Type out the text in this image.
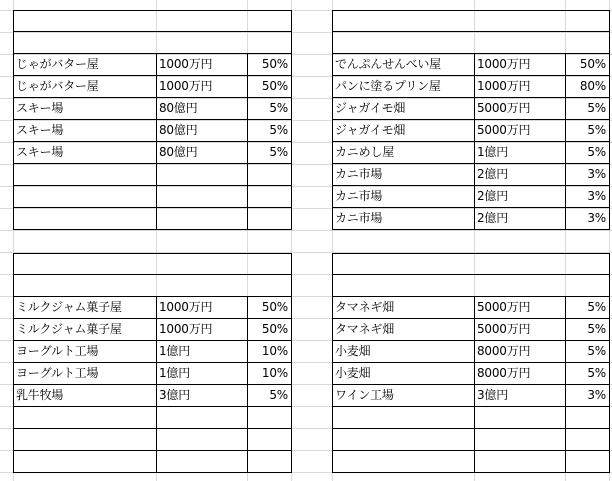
じゃがバター屋	1000万円	50%
じゃがバター屋	1000万円	50%
スキー場	80億円	5%
スキー場	80億円	5%
スキー場	80億円	5%
でんぷんせんべい屋	1000万円	50%
パンに塗るプリン屋	1000万円	80%
ジャガイモ畑	5000万円	5%
ジャガイモ畑	5000万円	5%
カニめし屋	1億円	5%
カニ市場	2億円	3%
カニ市場	2億円	3%
カニ市場	2億円	3%
ミルクジャム菓子屋	1000万円	50%
ミルクジャム菓子屋	1000万円	50%
ヨーグルト工場	1億円	10%
ヨーグルト工場	1億円	10%
乳牛牧場	3億円	5%
タマネギ畑	5000万円	5%
タマネギ畑	5000万円	5%
小麦畑	8000万円	5%
小麦畑	8000万円	5%
ワイン工場	3億円	3%
